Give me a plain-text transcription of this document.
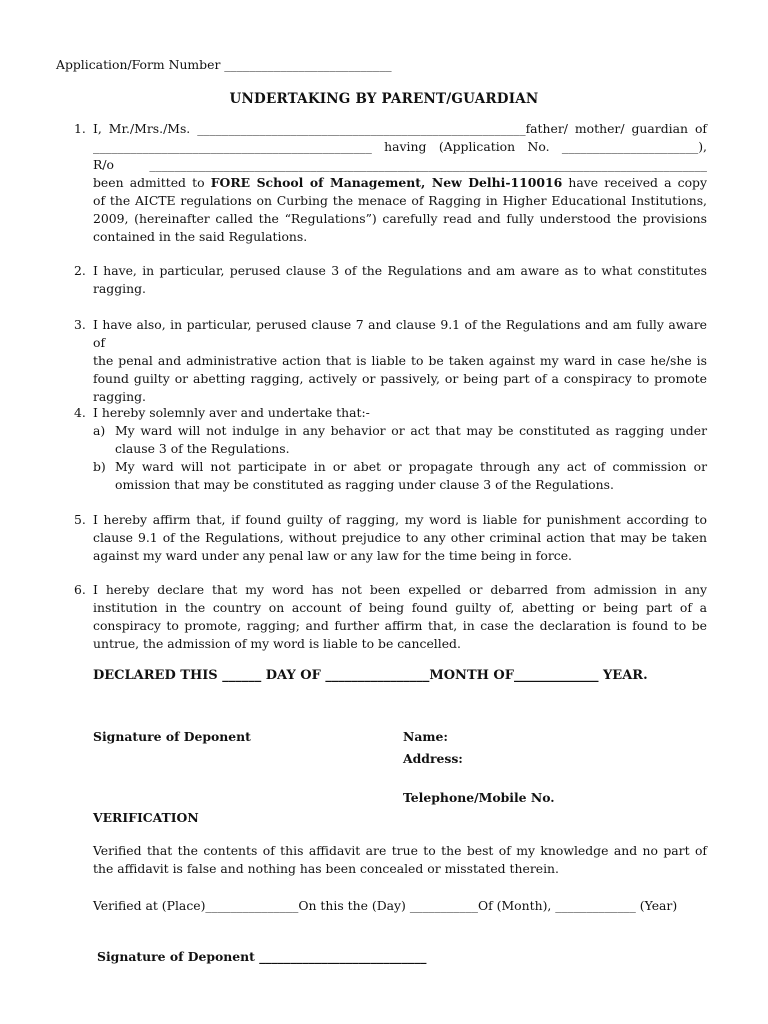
Application/Form Number ___________________________
UNDERTAKING BY PARENT/GUARDIAN
1. I, Mr./Mrs./Ms. _____________________________________________________father/ mother/ guardian of
_____________________________________________ having (Application No. ______________________),
R/o __________________________________________________________________________________________
been admitted to FORE School of Management, New Delhi-110016 have received a copy
of the AICTE regulations on Curbing the menace of Ragging in Higher Educational Institutions,
2009, (hereinafter called the “Regulations”) carefully read and fully understood the provisions
contained in the said Regulations.
2. I have, in particular, perused clause 3 of the Regulations and am aware as to what constitutes
ragging.
3. I have also, in particular, perused clause 7 and clause 9.1 of the Regulations and am fully aware of
the penal and administrative action that is liable to be taken against my ward in case he/she is
found guilty or abetting ragging, actively or passively, or being part of a conspiracy to promote
ragging.
4. I hereby solemnly aver and undertake that:-
a) My ward will not indulge in any behavior or act that may be constituted as ragging under
clause 3 of the Regulations.
b) My ward will not participate in or abet or propagate through any act of commission or
omission that may be constituted as ragging under clause 3 of the Regulations.
5. I hereby affirm that, if found guilty of ragging, my word is liable for punishment according to
clause 9.1 of the Regulations, without prejudice to any other criminal action that may be taken
against my ward under any penal law or any law for the time being in force.
6. I hereby declare that my word has not been expelled or debarred from admission in any
institution in the country on account of being found guilty of, abetting or being part of a
conspiracy to promote, ragging; and further affirm that, in case the declaration is found to be
untrue, the admission of my word is liable to be cancelled.
DECLARED THIS ______ DAY OF ________________MONTH OF_____________ YEAR.
Signature of Deponent	Name:
Address:
Telephone/Mobile No.
VERIFICATION
Verified that the contents of this affidavit are true to the best of my knowledge and no part of
the affidavit is false and nothing has been concealed or misstated therein.
Verified at (Place)_______________On this the (Day) ___________Of (Month), _____________ (Year)
Signature of Deponent ___________________________
